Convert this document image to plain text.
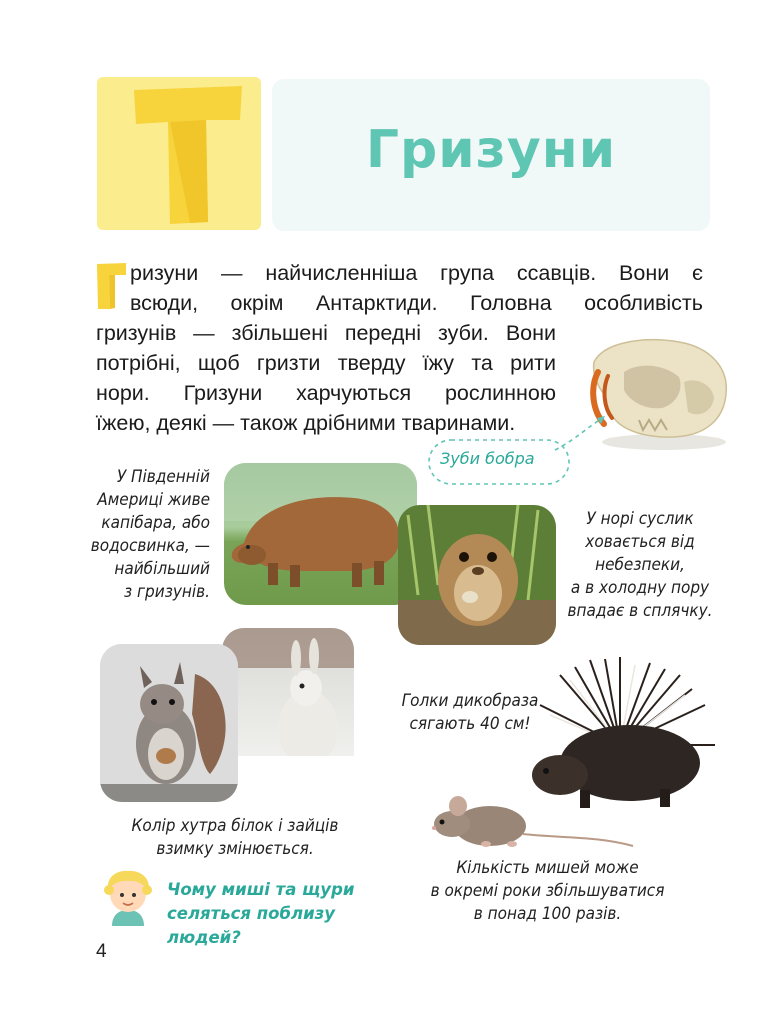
Т
Гризуни
ризуни — найчисленніша група ссавців. Вони є
всюди, окрім Антарктиди. Головна особливість
гризунів — збільшені передні зуби. Вони
потрібні, щоб гризти тверду їжу та рити
нори. Гризуни харчуються рослинною
їжею, деякі — також дрібними тваринами.
Зуби бобра
У Південній
Америці живе
капібара, або
водосвинка, —
найбільший
з гризунів.
У норі суслик
ховається від
небезпеки,
а в холодну пору
впадає в сплячку.
Голки дикобраза
сягають 40 см!
Колір хутра білок і зайців
взимку змінюється.
Кількість мишей може
в окремі роки збільшуватися
в понад 100 разів.
Чому миші та щури
селяться поблизу людей?
4
